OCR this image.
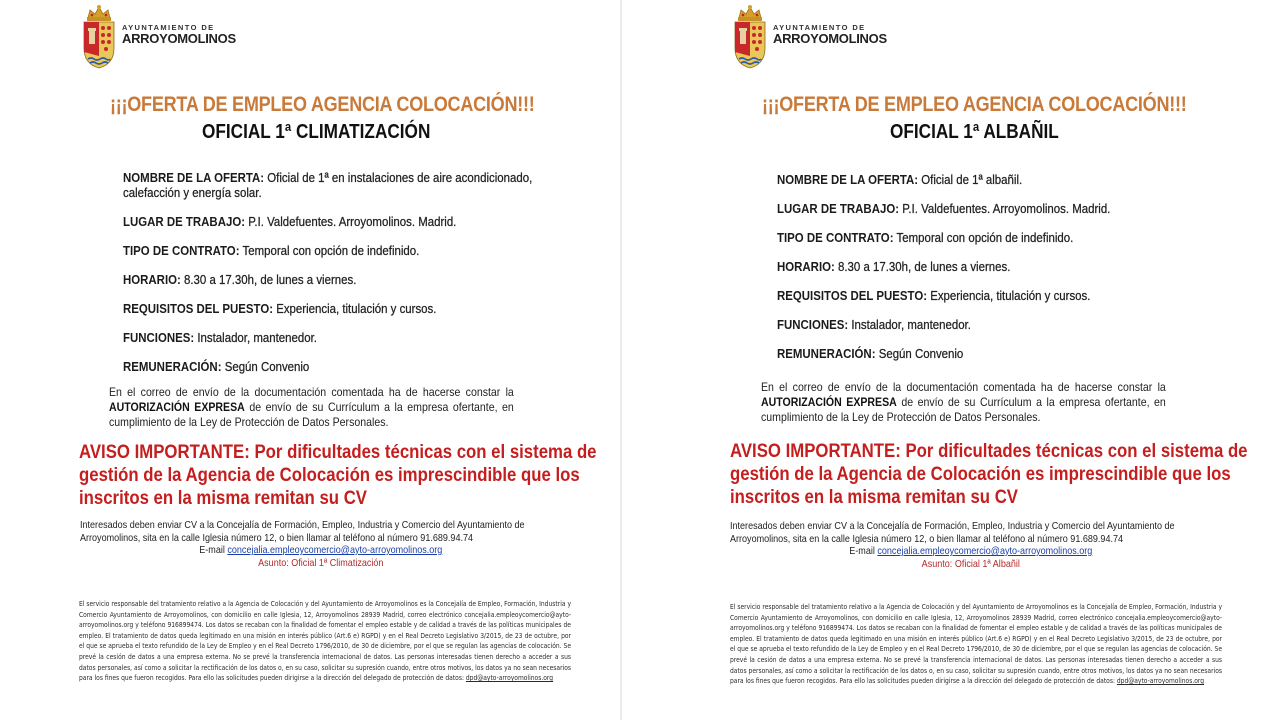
AYUNTAMIENTO DE
ARROYOMOLINOS
¡¡¡OFERTA DE EMPLEO AGENCIA COLOCACIÓN!!!
OFICIAL 1ª CLIMATIZACIÓN
NOMBRE DE LA OFERTA: Oficial de 1ª en instalaciones de aire acondicionado,
calefacción y energía solar.
LUGAR DE TRABAJO: P.I. Valdefuentes. Arroyomolinos. Madrid.
TIPO DE CONTRATO: Temporal con opción de indefinido.
HORARIO: 8.30 a 17.30h, de lunes a viernes.
REQUISITOS DEL PUESTO: Experiencia, titulación y cursos.
FUNCIONES: Instalador, mantenedor.
REMUNERACIÓN: Según Convenio
En el correo de envío de la documentación comentada ha de hacerse constar la AUTORIZACIÓN EXPRESA de envío de su Currículum a la empresa ofertante, en cumplimiento de la Ley de Protección de Datos Personales.
AVISO IMPORTANTE: Por dificultades técnicas con el sistema de gestión de la Agencia de Colocación es imprescindible que los inscritos en la misma remitan su CV
Interesados deben enviar CV a la Concejalía de Formación, Empleo, Industria y Comercio del Ayuntamiento de Arroyomolinos, sita en la calle Iglesia número 12, o bien llamar al teléfono al número 91.689.94.74
E-mail concejalia.empleoycomercio@ayto-arroyomolinos.org
Asunto: Oficial 1ª Climatización
El servicio responsable del tratamiento relativo a la Agencia de Colocación y del Ayuntamiento de Arroyomolinos es la Concejalía de Empleo, Formación, Industria y Comercio Ayuntamiento de Arroyomolinos, con domicilio en calle Iglesia, 12, Arroyomolinos 28939 Madrid, correo electrónico concejalia.empleoycomercio@ayto-arroyomolinos.org y teléfono 916899474. Los datos se recaban con la finalidad de fomentar el empleo estable y de calidad a través de las políticas municipales de empleo. El tratamiento de datos queda legitimado en una misión en interés público (Art.6 e) RGPD) y en el Real Decreto Legislativo 3/2015, de 23 de octubre, por el que se aprueba el texto refundido de la Ley de Empleo y en el Real Decreto 1796/2010, de 30 de diciembre, por el que se regulan las agencias de colocación. Se prevé la cesión de datos a una empresa externa. No se prevé la transferencia internacional de datos. Las personas interesadas tienen derecho a acceder a sus datos personales, así como a solicitar la rectificación de los datos o, en su caso, solicitar su supresión cuando, entre otros motivos, los datos ya no sean necesarios para los fines que fueron recogidos. Para ello las solicitudes pueden dirigirse a la dirección del delegado de protección de datos: dpd@ayto-arroyomolinos.org
AYUNTAMIENTO DE
ARROYOMOLINOS
¡¡¡OFERTA DE EMPLEO AGENCIA COLOCACIÓN!!!
OFICIAL 1ª ALBAÑIL
NOMBRE DE LA OFERTA: Oficial de 1ª albañil.
LUGAR DE TRABAJO: P.I. Valdefuentes. Arroyomolinos. Madrid.
TIPO DE CONTRATO: Temporal con opción de indefinido.
HORARIO: 8.30 a 17.30h, de lunes a viernes.
REQUISITOS DEL PUESTO: Experiencia, titulación y cursos.
FUNCIONES: Instalador, mantenedor.
REMUNERACIÓN: Según Convenio
En el correo de envío de la documentación comentada ha de hacerse constar la AUTORIZACIÓN EXPRESA de envío de su Currículum a la empresa ofertante, en cumplimiento de la Ley de Protección de Datos Personales.
AVISO IMPORTANTE: Por dificultades técnicas con el sistema de gestión de la Agencia de Colocación es imprescindible que los inscritos en la misma remitan su CV
Interesados deben enviar CV a la Concejalía de Formación, Empleo, Industria y Comercio del Ayuntamiento de Arroyomolinos, sita en la calle Iglesia número 12, o bien llamar al teléfono al número 91.689.94.74
E-mail concejalia.empleoycomercio@ayto-arroyomolinos.org
Asunto: Oficial 1ª Albañil
El servicio responsable del tratamiento relativo a la Agencia de Colocación y del Ayuntamiento de Arroyomolinos es la Concejalía de Empleo, Formación, Industria y Comercio Ayuntamiento de Arroyomolinos, con domicilio en calle Iglesia, 12, Arroyomolinos 28939 Madrid, correo electrónico concejalia.empleoycomercio@ayto-arroyomolinos.org y teléfono 916899474. Los datos se recaban con la finalidad de fomentar el empleo estable y de calidad a través de las políticas municipales de empleo. El tratamiento de datos queda legitimado en una misión en interés público (Art.6 e) RGPD) y en el Real Decreto Legislativo 3/2015, de 23 de octubre, por el que se aprueba el texto refundido de la Ley de Empleo y en el Real Decreto 1796/2010, de 30 de diciembre, por el que se regulan las agencias de colocación. Se prevé la cesión de datos a una empresa externa. No se prevé la transferencia internacional de datos. Las personas interesadas tienen derecho a acceder a sus datos personales, así como a solicitar la rectificación de los datos o, en su caso, solicitar su supresión cuando, entre otros motivos, los datos ya no sean necesarios para los fines que fueron recogidos. Para ello las solicitudes pueden dirigirse a la dirección del delegado de protección de datos: dpd@ayto-arroyomolinos.org
